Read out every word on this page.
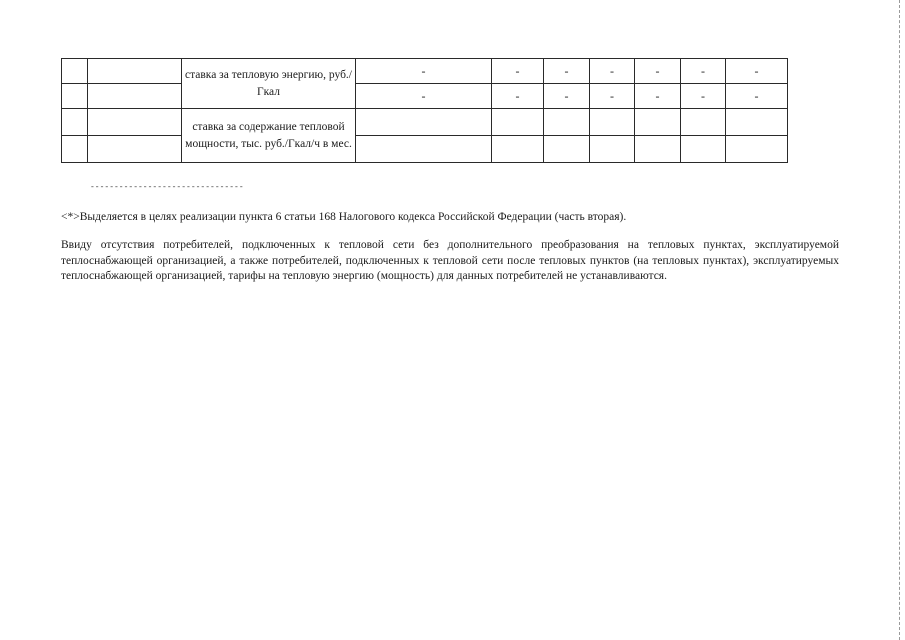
		ставка за тепловую энергию, руб./Гкал	-	-	-	-	-	-	-
			-	-	-	-	-	-	-
		ставка за содержание тепловой мощности, тыс. руб./Гкал/ч в мес.							

--------------------------------
<*>Выделяется в целях реализации пункта 6 статьи 168 Налогового кодекса Российской Федерации (часть вторая).
Ввиду отсутствия потребителей, подключенных к тепловой сети без дополнительного преобразования на тепловых пунктах, эксплуатируемой теплоснабжающей организацией, а также потребителей, подключенных к тепловой сети после тепловых пунктов (на тепловых пунктах), эксплуатируемых теплоснабжающей организацией, тарифы на тепловую энергию (мощность) для данных потребителей не устанавливаются.
